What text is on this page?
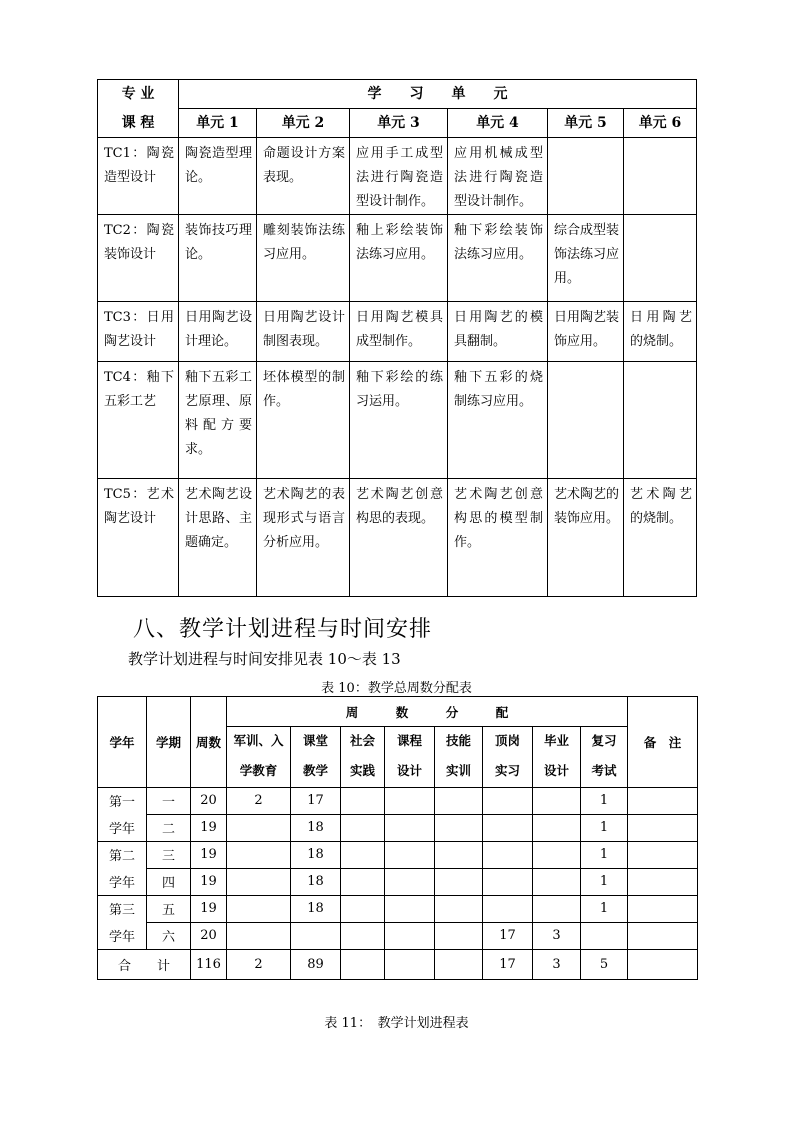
专 业	学　　习　　单　　元					
课 程	单元 1	单元 2	单元 3	单元 4	单元 5	单元 6
TC1：陶瓷造型设计	陶瓷造型理论。	命题设计方案表现。	应用手工成型法进行陶瓷造型设计制作。	应用机械成型法进行陶瓷造型设计制作。		
TC2：陶瓷装饰设计	装饰技巧理论。	雕刻装饰法练习应用。	釉上彩绘装饰法练习应用。	釉下彩绘装饰法练习应用。	综合成型装饰法练习应用。	
TC3：日用陶艺设计	日用陶艺设计理论。	日用陶艺设计制图表现。	日用陶艺模具成型制作。	日用陶艺的模具翻制。	日用陶艺装饰应用。	日用陶艺的烧制。
TC4：釉下五彩工艺	釉下五彩工艺原理、原料配方要求。	坯体模型的制作。	釉下彩绘的练习运用。	釉下五彩的烧制练习应用。		
TC5：艺术陶艺设计	艺术陶艺设计思路、主题确定。	艺术陶艺的表现形式与语言分析应用。	艺术陶艺创意构思的表现。	艺术陶艺创意构思的模型制作。	艺术陶艺的装饰应用。	艺术陶艺的烧制。
八、教学计划进程与时间安排
教学计划进程与时间安排见表 10～表 13
表 10：教学总周数分配表
学年	学期	周数	周　　　数　　　分　　　配								备　注
			军训、入	课堂	社会	课程	技能	顶岗	毕业	复习	
			学教育	教学	实践	设计	实训	实习	设计	考试	
第一	一	20	2	17						1	
学年	二	19		18						1	
第二	三	19		18						1	
学年	四	19		18						1	
第三	五	19		18						1	
学年	六	20						17	3		
合　　计		116	2	89				17	3	5	
表 11：　教学计划进程表
